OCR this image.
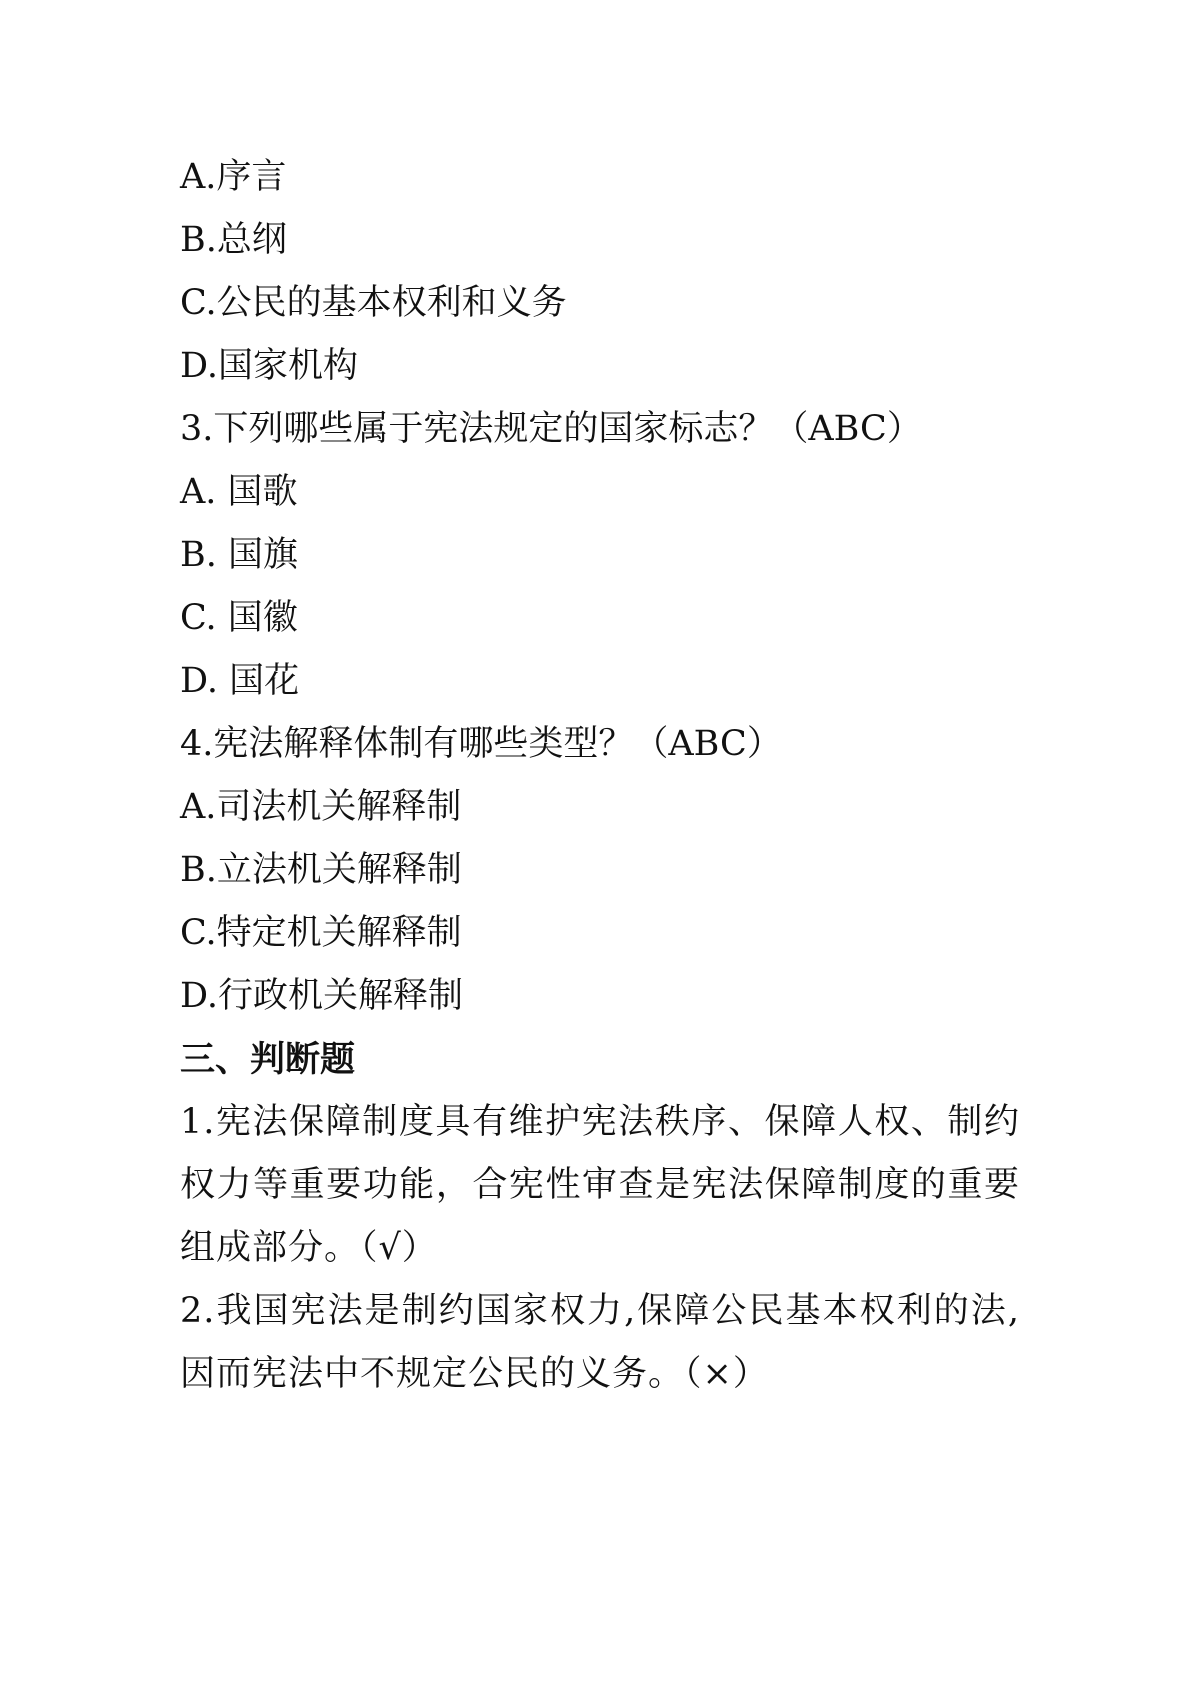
A.序言
B.总纲
C.公民的基本权利和义务
D.国家机构
3.下列哪些属于宪法规定的国家标志？（ABC）
A. 国歌
B. 国旗
C. 国徽
D. 国花
4.宪法解释体制有哪些类型？（ABC）
A.司法机关解释制
B.立法机关解释制
C.特定机关解释制
D.行政机关解释制
三、判断题
1.宪法保障制度具有维护宪法秩序、保障人权、制约权力等重要功能，合宪性审查是宪法保障制度的重要组成部分。（√）
2.我国宪法是制约国家权力,保障公民基本权利的法,因而宪法中不规定公民的义务。（×）
